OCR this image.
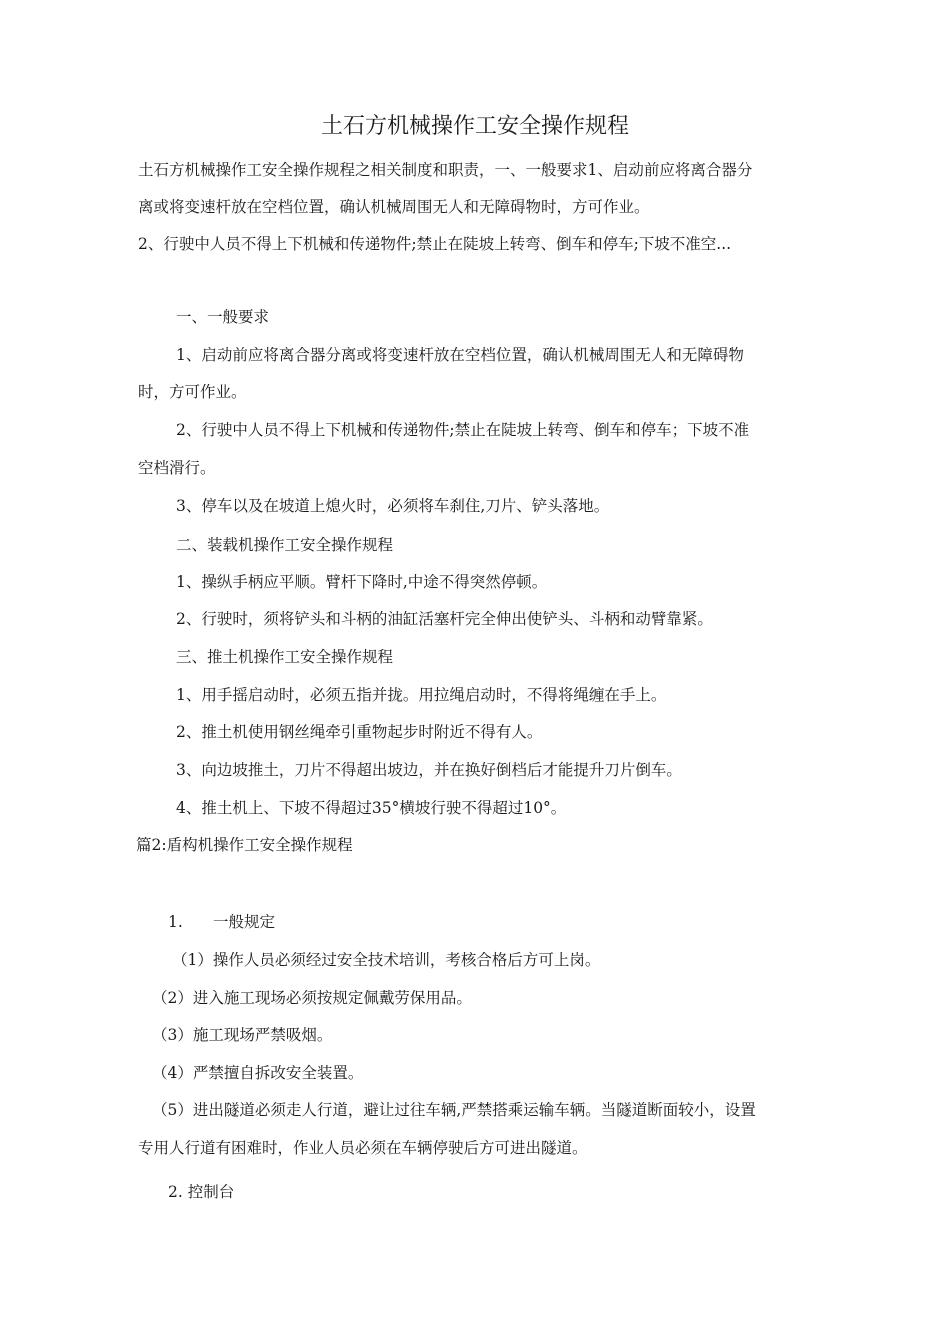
土石方机械操作工安全操作规程
土石方机械操作工安全操作规程之相关制度和职责，一、一般要求1、启动前应将离合器分
离或将变速杆放在空档位置，确认机械周围无人和无障碍物时，方可作业。
2、行驶中人员不得上下机械和传递物件;禁止在陡坡上转弯、倒车和停车;下坡不准空...
一、一般要求
1、启动前应将离合器分离或将变速杆放在空档位置，确认机械周围无人和无障碍物
时，方可作业。
2、行驶中人员不得上下机械和传递物件;禁止在陡坡上转弯、倒车和停车；下坡不准
空档滑行。
3、停车以及在坡道上熄火时，必须将车刹住,刀片、铲头落地。
二、装载机操作工安全操作规程
1、操纵手柄应平顺。臂杆下降时,中途不得突然停顿。
2、行驶时，须将铲头和斗柄的油缸活塞杆完全伸出使铲头、斗柄和动臂靠紧。
三、推土机操作工安全操作规程
1、用手摇启动时，必须五指并拢。用拉绳启动时，不得将绳缠在手上。
2、推土机使用钢丝绳牵引重物起步时附近不得有人。
3、向边坡推土，刀片不得超出坡边，并在换好倒档后才能提升刀片倒车。
4、推土机上、下坡不得超过35°横坡行驶不得超过10°。
篇2:盾构机操作工安全操作规程
1. 一般规定
（1）操作人员必须经过安全技术培训，考核合格后方可上岗。
（2）进入施工现场必须按规定佩戴劳保用品。
（3）施工现场严禁吸烟。
（4）严禁擅自拆改安全装置。
（5）进出隧道必须走人行道，避让过往车辆,严禁搭乘运输车辆。当隧道断面较小，设置
专用人行道有困难时，作业人员必须在车辆停驶后方可进出隧道。
2. 控制台
